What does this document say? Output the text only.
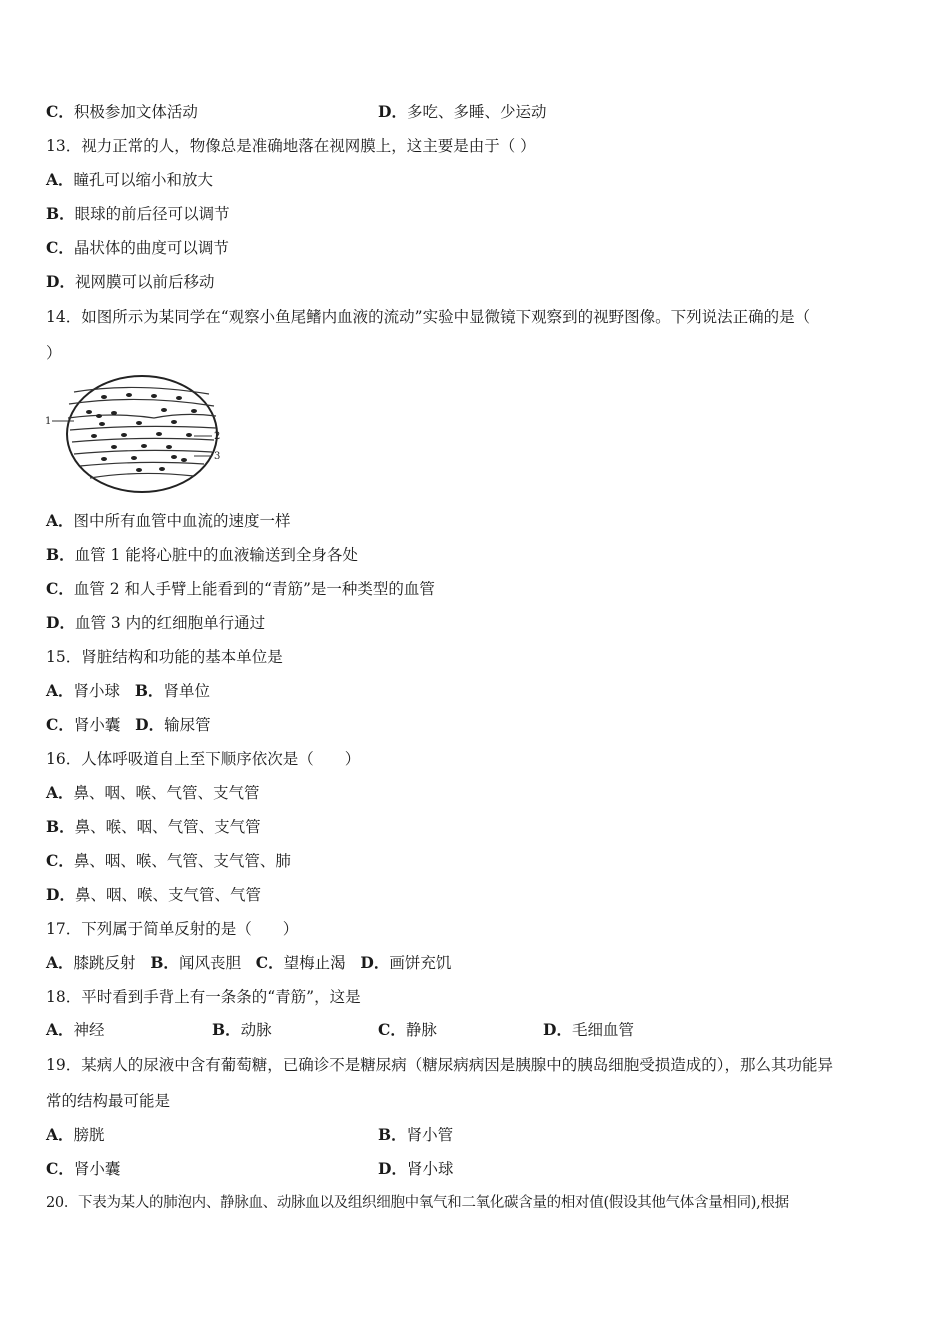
C．积极参加文体活动	D．多吃、多睡、少运动
13．视力正常的人，物像总是准确地落在视网膜上，这主要是由于（ ）
A．瞳孔可以缩小和放大
B．眼球的前后径可以调节
C．晶状体的曲度可以调节
D．视网膜可以前后移动
14．如图所示为某同学在“观察小鱼尾鳍内血液的流动”实验中显微镜下观察到的视野图像。下列说法正确的是（
）
1
2
3
A．图中所有血管中血流的速度一样
B．血管 1 能将心脏中的血液输送到全身各处
C．血管 2 和人手臂上能看到的“青筋”是一种类型的血管
D．血管 3 内的红细胞单行通过
15．肾脏结构和功能的基本单位是
A．肾小球 B．肾单位
C．肾小囊 D．输尿管
16．人体呼吸道自上至下顺序依次是（　　）
A．鼻、咽、喉、气管、支气管
B．鼻、喉、咽、气管、支气管
C．鼻、咽、喉、气管、支气管、肺
D．鼻、咽、喉、支气管、气管
17．下列属于简单反射的是（　　）
A．膝跳反射 B．闻风丧胆 C．望梅止渴 D．画饼充饥
18．平时看到手背上有一条条的“青筋”，这是
A．神经	B．动脉	C．静脉	D．毛细血管
19．某病人的尿液中含有葡萄糖，已确诊不是糖尿病（糖尿病病因是胰腺中的胰岛细胞受损造成的），那么其功能异
常的结构最可能是
A．膀胱	B．肾小管
C．肾小囊	D．肾小球
20．下表为某人的肺泡内、静脉血、动脉血以及组织细胞中氧气和二氧化碳含量的相对值(假设其他气体含量相同),根据
